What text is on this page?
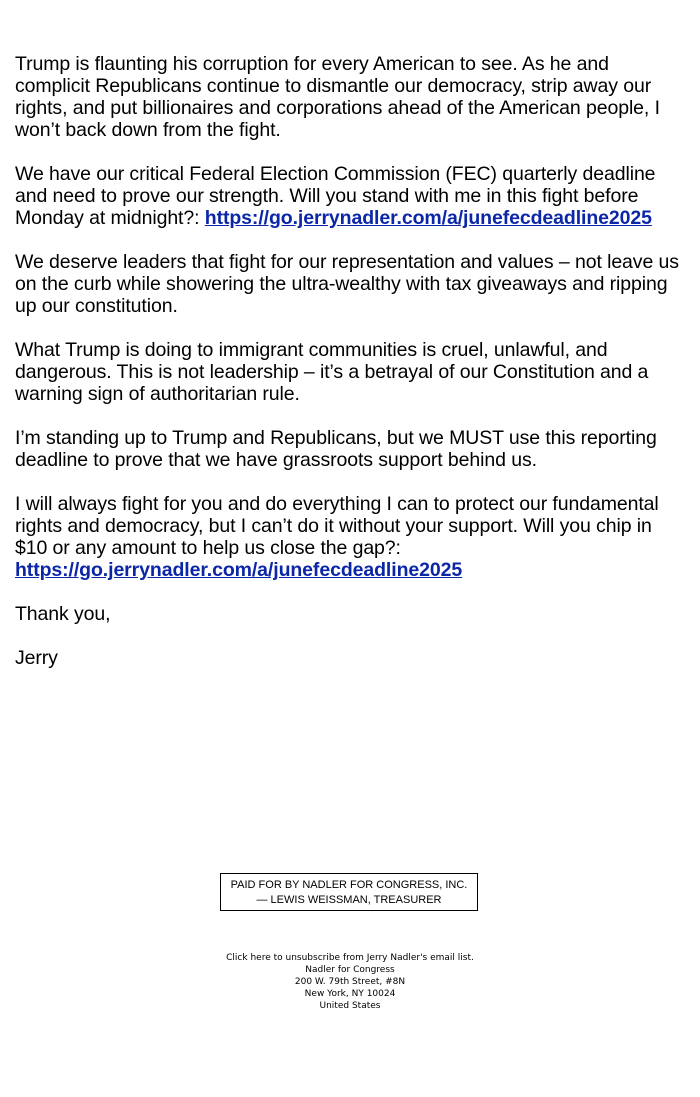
Trump is flaunting his corruption for every American to see. As he and complicit Republicans continue to dismantle our democracy, strip away our rights, and put billionaires and corporations ahead of the American people, I won’t back down from the fight.

We have our critical Federal Election Commission (FEC) quarterly deadline and need to prove our strength. Will you stand with me in this fight before Monday at midnight?: https://go.jerrynadler.com/a/junefecdeadline2025

We deserve leaders that fight for our representation and values – not leave us on the curb while showering the ultra-wealthy with tax giveaways and ripping up our constitution.

What Trump is doing to immigrant communities is cruel, unlawful, and dangerous. This is not leadership – it’s a betrayal of our Constitution and a warning sign of authoritarian rule.

I’m standing up to Trump and Republicans, but we MUST use this reporting deadline to prove that we have grassroots support behind us.

I will always fight for you and do everything I can to protect our fundamental rights and democracy, but I can’t do it without your support. Will you chip in $10 or any amount to help us close the gap?:
https://go.jerrynadler.com/a/junefecdeadline2025

Thank you,

Jerry

PAID FOR BY NADLER FOR CONGRESS, INC.
— LEWIS WEISSMAN, TREASURER
Click here to unsubscribe from Jerry Nadler's email list.
Nadler for Congress
200 W. 79th Street, #8N
New York, NY 10024
United States
